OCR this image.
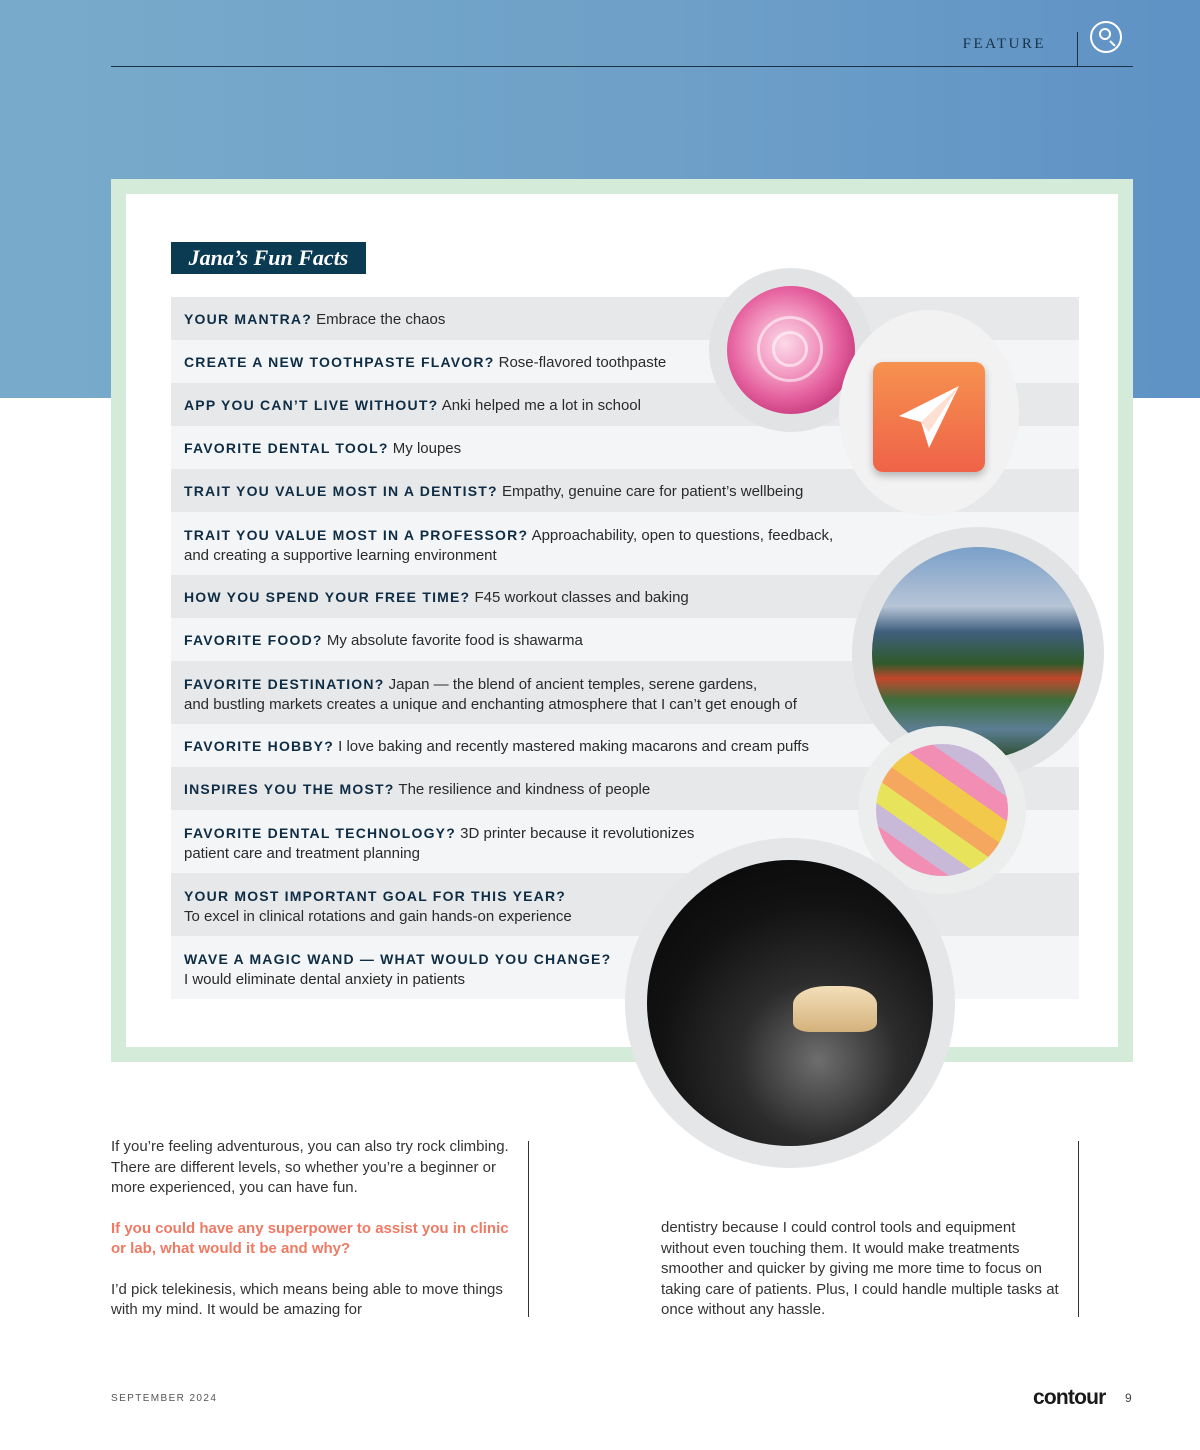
FEATURE
Jana’s Fun Facts
YOUR MANTRA? Embrace the chaos
CREATE A NEW TOOTHPASTE FLAVOR? Rose-flavored toothpaste
APP YOU CAN’T LIVE WITHOUT? Anki helped me a lot in school
FAVORITE DENTAL TOOL? My loupes
TRAIT YOU VALUE MOST IN A DENTIST? Empathy, genuine care for patient’s wellbeing
TRAIT YOU VALUE MOST IN A PROFESSOR? Approachability, open to questions, feedback,
and creating a supportive learning environment
HOW YOU SPEND YOUR FREE TIME? F45 workout classes and baking
FAVORITE FOOD? My absolute favorite food is shawarma
FAVORITE DESTINATION? Japan — the blend of ancient temples, serene gardens,
and bustling markets creates a unique and enchanting atmosphere that I can’t get enough of
FAVORITE HOBBY? I love baking and recently mastered making macarons and cream puffs
INSPIRES YOU THE MOST? The resilience and kindness of people
FAVORITE DENTAL TECHNOLOGY? 3D printer because it revolutionizes
patient care and treatment planning
YOUR MOST IMPORTANT GOAL FOR THIS YEAR?
To excel in clinical rotations and gain hands-on experience
WAVE A MAGIC WAND — WHAT WOULD YOU CHANGE?
I would eliminate dental anxiety in patients

If you’re feeling adventurous, you can also try rock climbing. There are different levels, so whether you’re a beginner or more experienced, you can have fun.

If you could have any superpower to assist you in clinic or lab, what would it be and why?

I’d pick telekinesis, which means being able to move things with my mind. It would be amazing for

dentistry because I could control tools and equipment without even touching them. It would make treatments smoother and quicker by giving me more time to focus on taking care of patients. Plus, I could handle multiple tasks at once without any hassle.

SEPTEMBER 2024	contour 9
